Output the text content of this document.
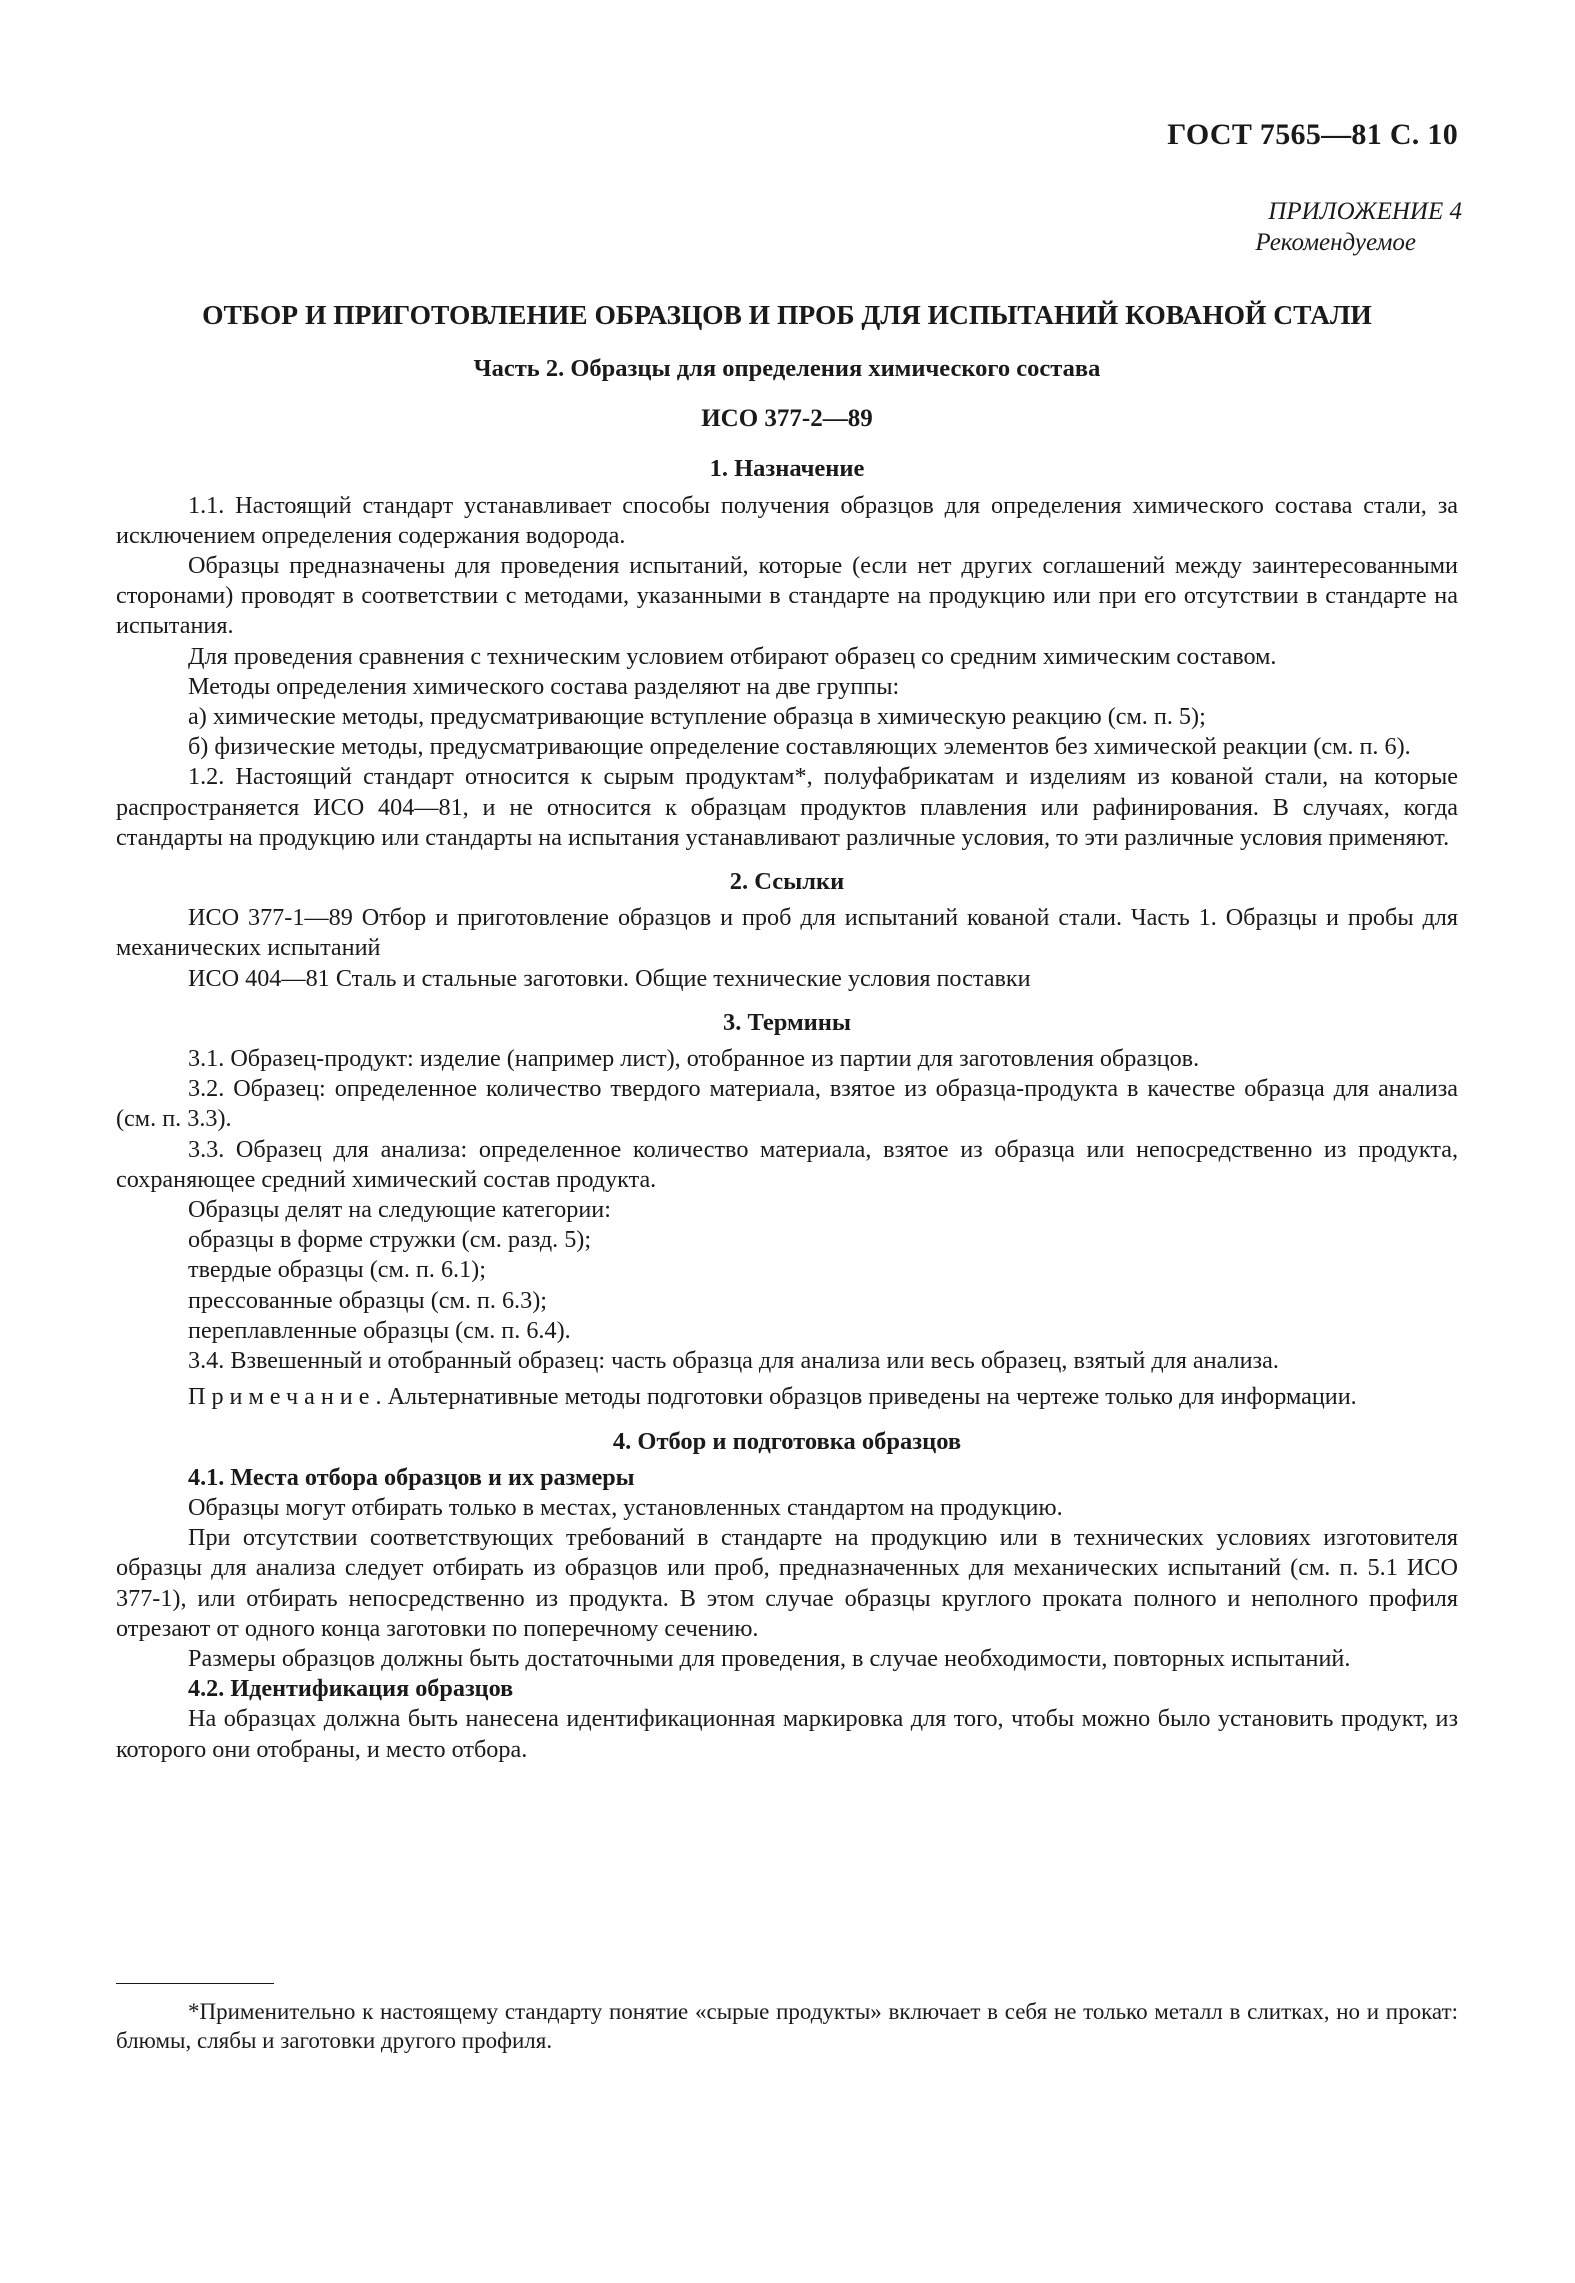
ГОСТ 7565—81 С. 10
ПРИЛОЖЕНИЕ 4

Рекомендуемое
ОТБОР И ПРИГОТОВЛЕНИЕ ОБРАЗЦОВ И ПРОБ ДЛЯ ИСПЫТАНИЙ КОВАНОЙ СТАЛИ
Часть 2. Образцы для определения химического состава
ИСО 377-2—89
1. Назначение

1.1. Настоящий стандарт устанавливает способы получения образцов для определения химического состава стали, за исключением определения содержания водорода.

Образцы предназначены для проведения испытаний, которые (если нет других соглашений между заинтересованными сторонами) проводят в соответствии с методами, указанными в стандарте на продукцию или при его отсутствии в стандарте на испытания.

Для проведения сравнения с техническим условием отбирают образец со средним химическим составом.

Методы определения химического состава разделяют на две группы:

а) химические методы, предусматривающие вступление образца в химическую реакцию (см. п. 5);

б) физические методы, предусматривающие определение составляющих элементов без химической реакции (см. п. 6).

1.2. Настоящий стандарт относится к сырым продуктам*, полуфабрикатам и изделиям из кованой стали, на которые распространяется ИСО 404—81, и не относится к образцам продуктов плавления или рафинирования. В случаях, когда стандарты на продукцию или стандарты на испытания устанавливают различные условия, то эти различные условия применяют.

2. Ссылки

ИСО 377-1—89 Отбор и приготовление образцов и проб для испытаний кованой стали. Часть 1. Образцы и пробы для механических испытаний

ИСО 404—81 Сталь и стальные заготовки. Общие технические условия поставки

3. Термины

3.1. Образец-продукт: изделие (например лист), отобранное из партии для заготовления образцов.

3.2. Образец: определенное количество твердого материала, взятое из образца-продукта в качестве образца для анализа (см. п. 3.3).

3.3. Образец для анализа: определенное количество материала, взятое из образца или непосредственно из продукта, сохраняющее средний химический состав продукта.

Образцы делят на следующие категории:

образцы в форме стружки (см. разд. 5);

твердые образцы (см. п. 6.1);

прессованные образцы (см. п. 6.3);

переплавленные образцы (см. п. 6.4).

3.4. Взвешенный и отобранный образец: часть образца для анализа или весь образец, взятый для анализа.

Примечание. Альтернативные методы подготовки образцов приведены на чертеже только для информации.

4. Отбор и подготовка образцов
4.1. Места отбора образцов и их размеры

Образцы могут отбирать только в местах, установленных стандартом на продукцию.

При отсутствии соответствующих требований в стандарте на продукцию или в технических условиях изготовителя образцы для анализа следует отбирать из образцов или проб, предназначенных для механических испытаний (см. п. 5.1 ИСО 377-1), или отбирать непосредственно из продукта. В этом случае образцы круглого проката полного и неполного профиля отрезают от одного конца заготовки по поперечному сечению.

Размеры образцов должны быть достаточными для проведения, в случае необходимости, повторных испытаний.

4.2. Идентификация образцов

На образцах должна быть нанесена идентификационная маркировка для того, чтобы можно было установить продукт, из которого они отобраны, и место отбора.

*Применительно к настоящему стандарту понятие «сырые продукты» включает в себя не только металл в слитках, но и прокат: блюмы, слябы и заготовки другого профиля.
